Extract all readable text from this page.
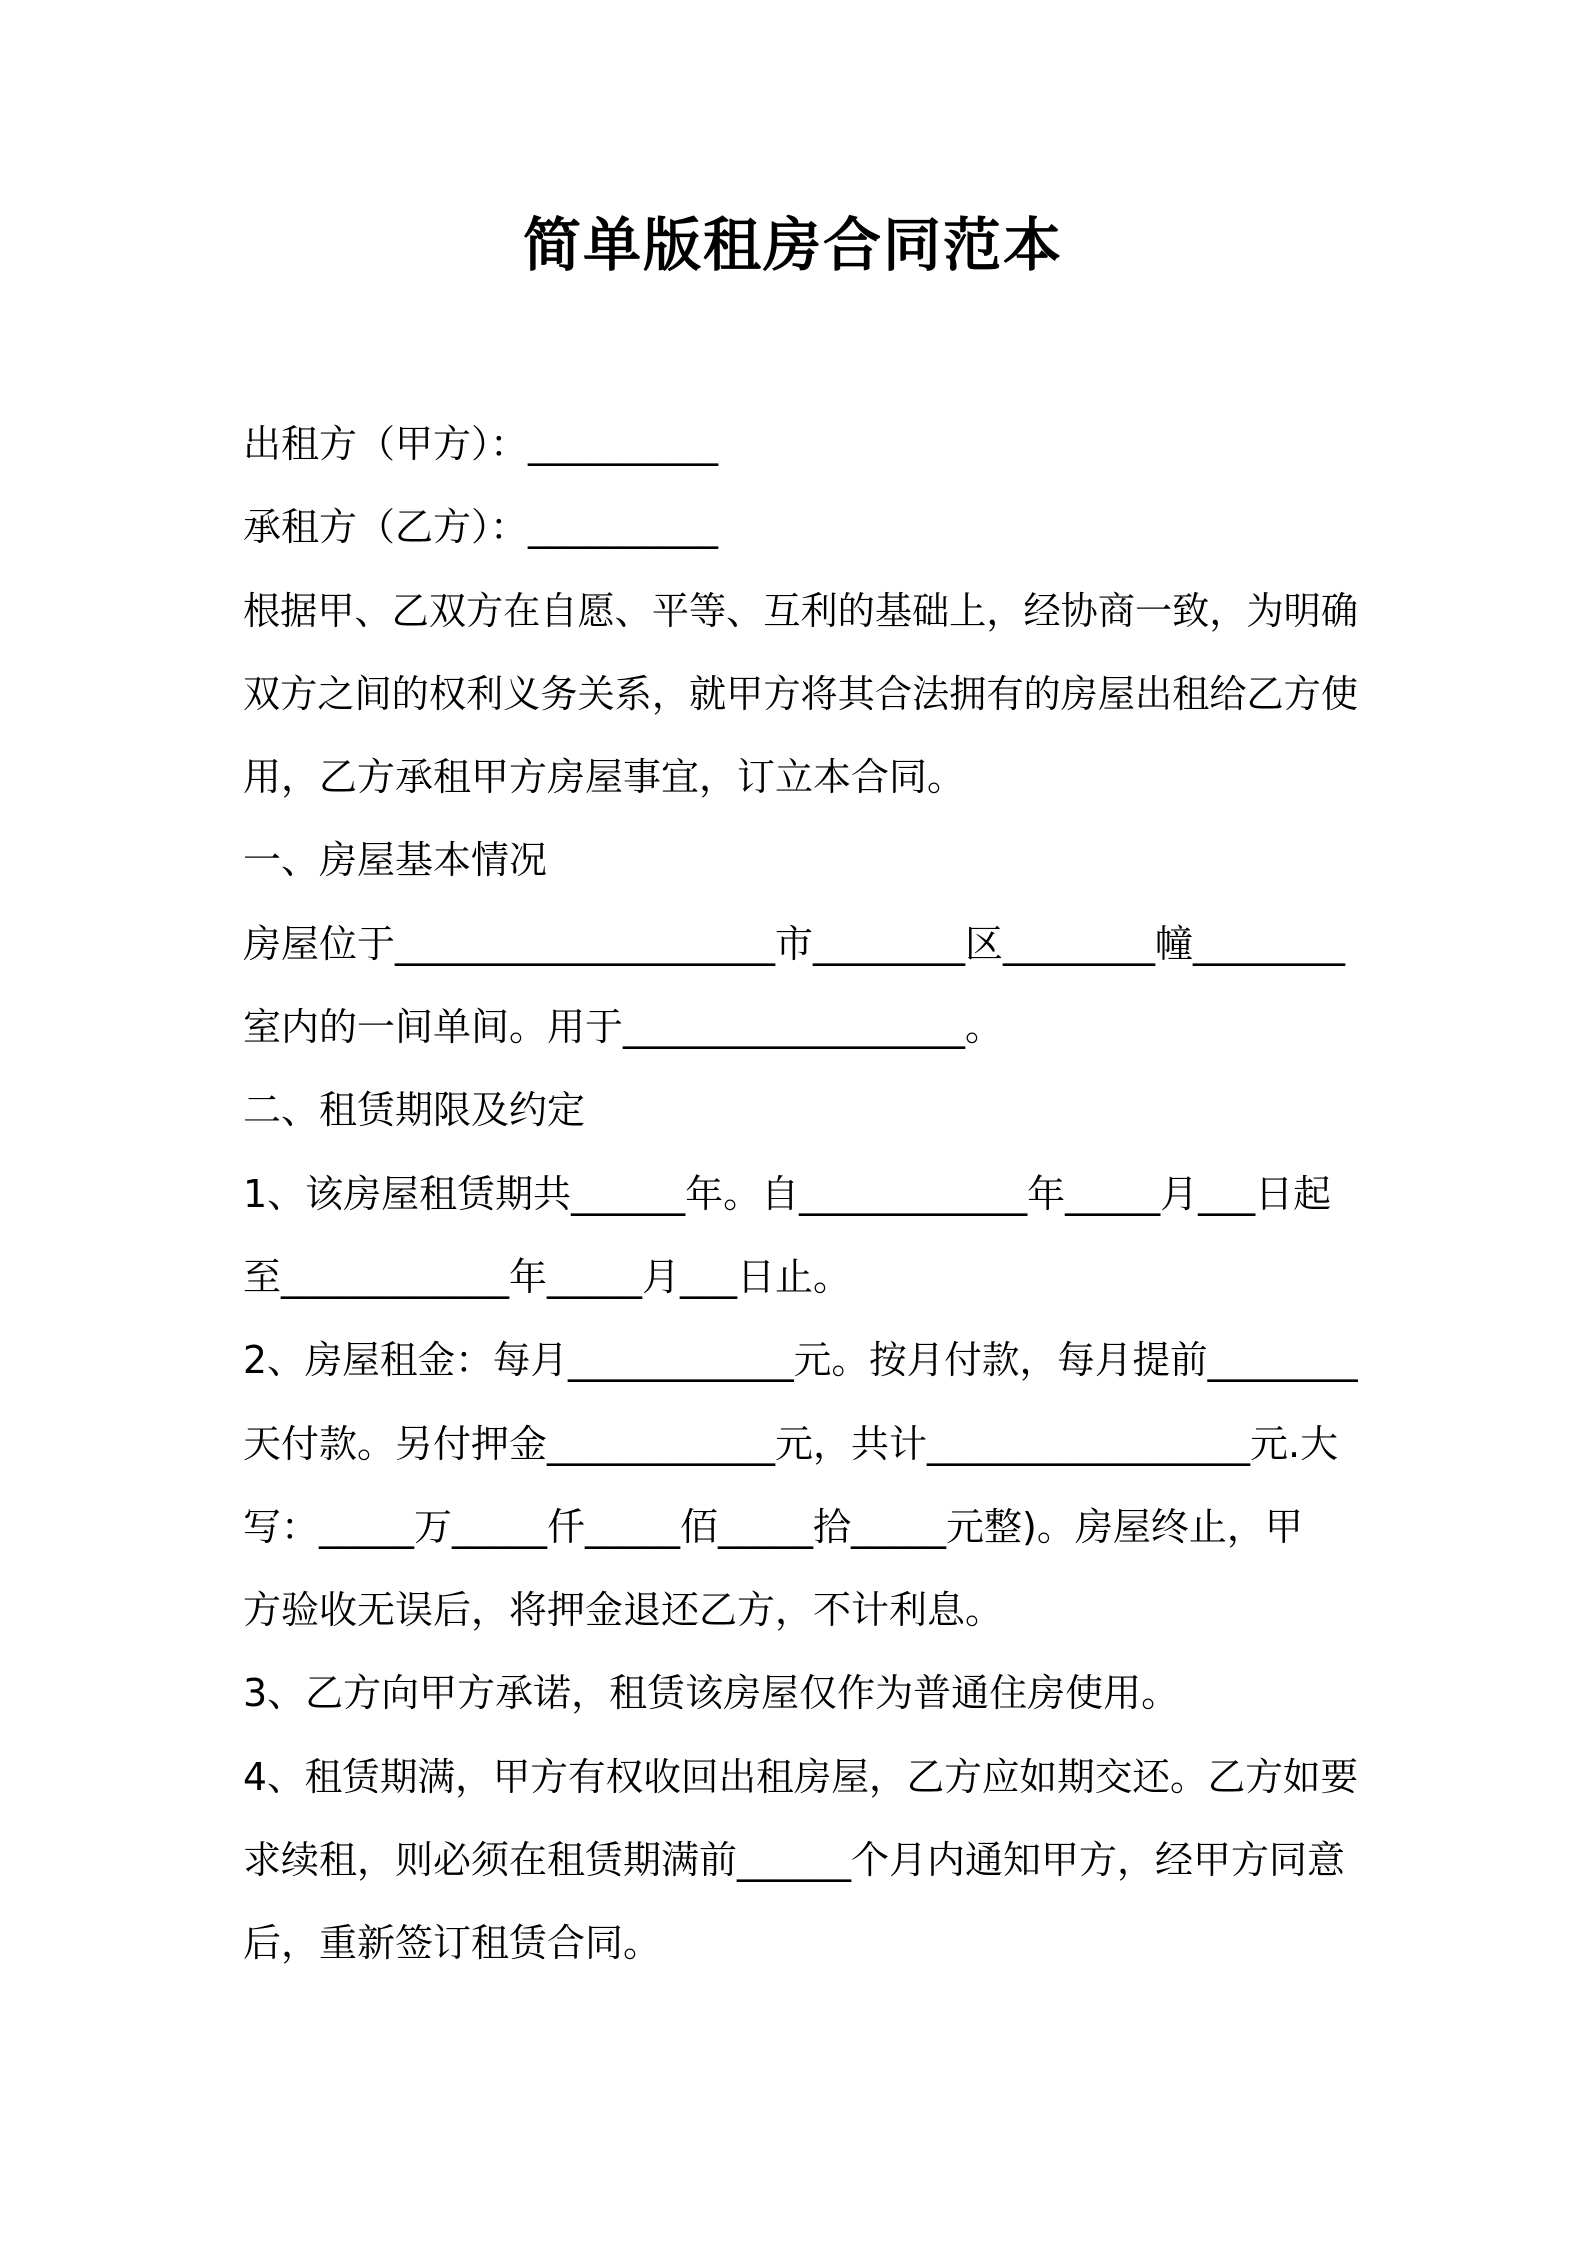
简单版租房合同范本
出租方（甲方）：__________
承租方（乙方）：__________
根据甲、乙双方在自愿、平等、互利的基础上，经协商一致，为明确
双方之间的权利义务关系，就甲方将其合法拥有的房屋出租给乙方使
用，乙方承租甲方房屋事宜，订立本合同。
一、房屋基本情况
房屋位于____________________市________区________幢________
室内的一间单间。用于__________________。
二、租赁期限及约定
1、该房屋租赁期共______年。自____________年_____月___日起
至____________年_____月___日止。
2、房屋租金：每月____________元。按月付款，每月提前________
天付款。另付押金____________元，共计_________________元.大
写：_____万_____仟_____佰_____拾_____元整)。房屋终止，甲
方验收无误后，将押金退还乙方，不计利息。
3、乙方向甲方承诺，租赁该房屋仅作为普通住房使用。
4、租赁期满，甲方有权收回出租房屋，乙方应如期交还。乙方如要
求续租，则必须在租赁期满前______个月内通知甲方，经甲方同意
后，重新签订租赁合同。
